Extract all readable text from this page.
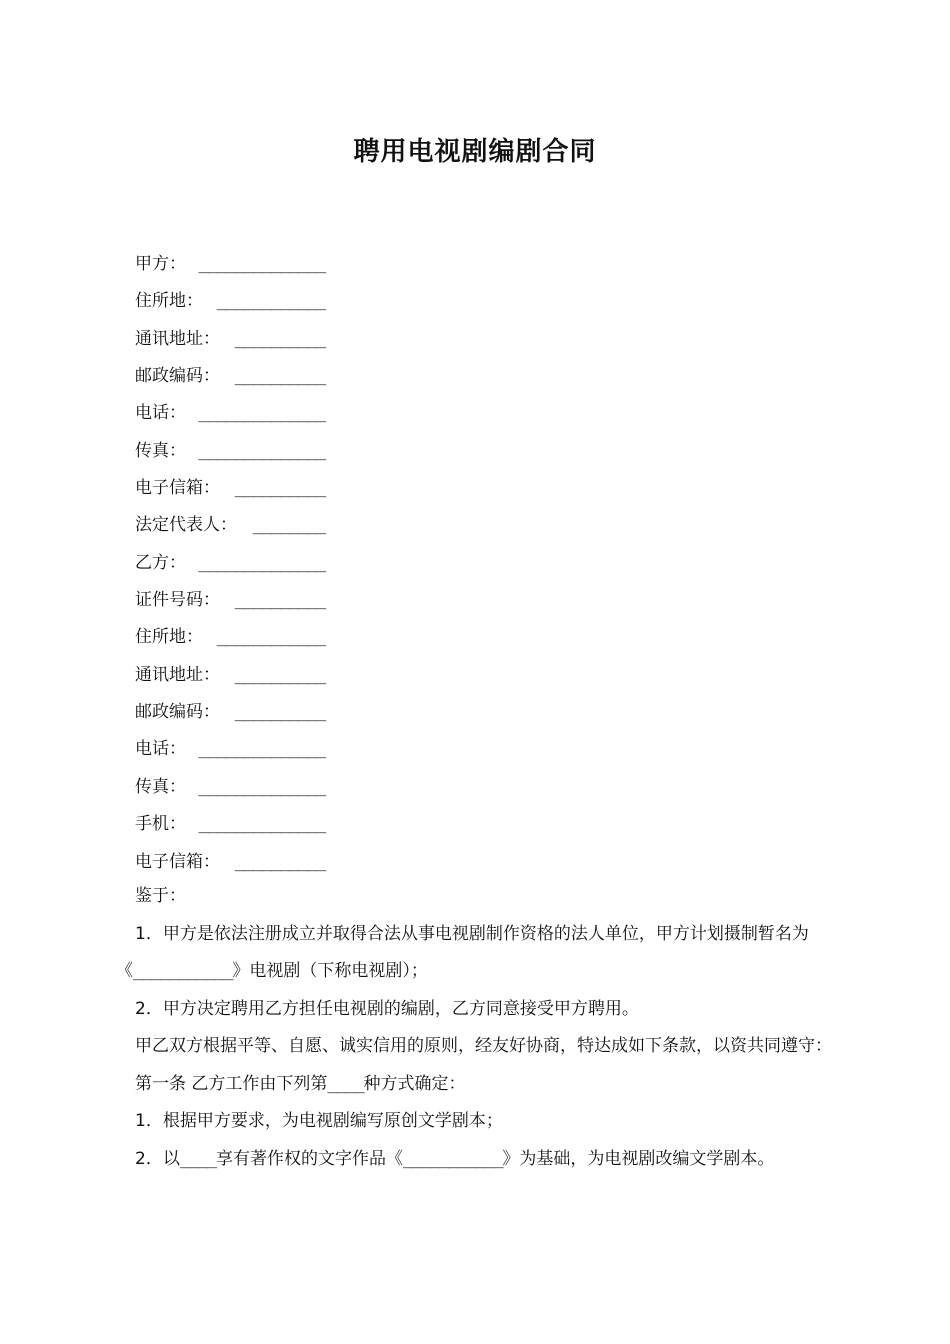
聘用电视剧编剧合同
甲方： ______________
住所地： ____________
通讯地址： __________
邮政编码： __________
电话： ______________
传真： ______________
电子信箱： __________
法定代表人： ________
乙方： ______________
证件号码： __________
住所地： ____________
通讯地址： __________
邮政编码： __________
电话： ______________
传真： ______________
手机： ______________
电子信箱： __________

鉴于：

1．甲方是依法注册成立并取得合法从事电视剧制作资格的法人单位，甲方计划摄制暂名为《___________》电视剧（下称电视剧）；

2．甲方决定聘用乙方担任电视剧的编剧，乙方同意接受甲方聘用。

甲乙双方根据平等、自愿、诚实信用的原则，经友好协商，特达成如下条款，以资共同遵守：

第一条 乙方工作由下列第____种方式确定：

1．根据甲方要求，为电视剧编写原创文学剧本；

2．以____享有著作权的文字作品《___________》为基础，为电视剧改编文学剧本。
